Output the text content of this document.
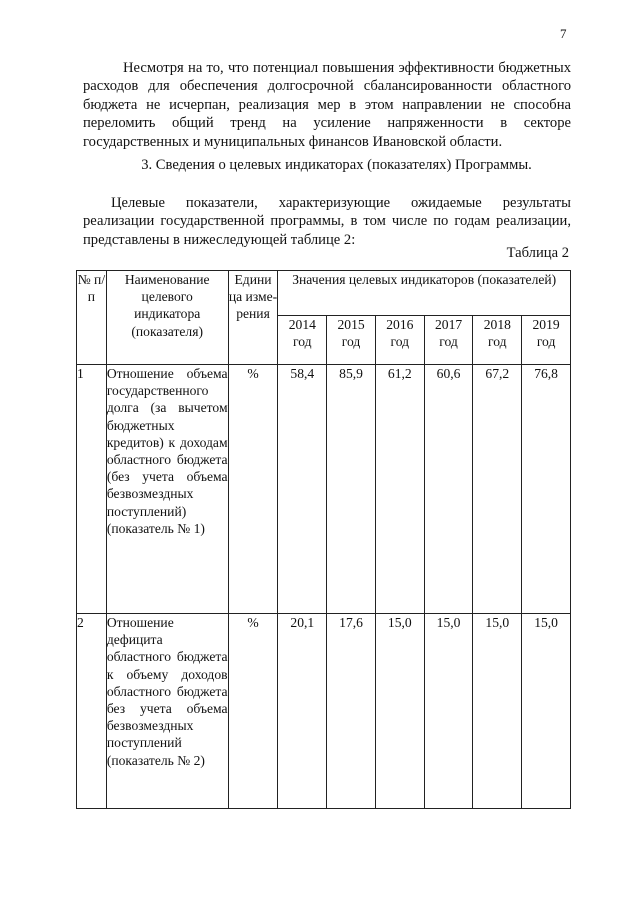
7

Несмотря на то, что потенциал повышения эффективности бюджетных расходов для обеспечения долгосрочной сбалансированности областного бюджета не исчерпан, реализация мер в этом направлении не способна переломить общий тренд на усиление напряженности в секторе государственных и муниципальных финансов Ивановской области.

3. Сведения о целевых индикаторах (показателях) Программы.

Целевые показатели, характеризующие ожидаемые результаты реализации государственной программы, в том числе по годам реализации, представлены в нижеследующей таблице 2:

Таблица 2
№ п/п	Наименование целевого индикатора (показателя)	Едини ца изме-рения	Значения целевых индикаторов (показателей)					
			2014 год	2015 год	2016 год	2017 год	2018 год	2019 год
1	Отношение объема государственного долга (за вычетом бюджетных кредитов) к доходам областного бюджета (без учета объема безвозмездных поступлений) (показатель № 1)	%	58,4	85,9	61,2	60,6	67,2	76,8
2	Отношение дефицита областного бюджета к объему доходов областного бюджета без учета объема безвозмездных поступлений (показатель № 2)	%	20,1	17,6	15,0	15,0	15,0	15,0
